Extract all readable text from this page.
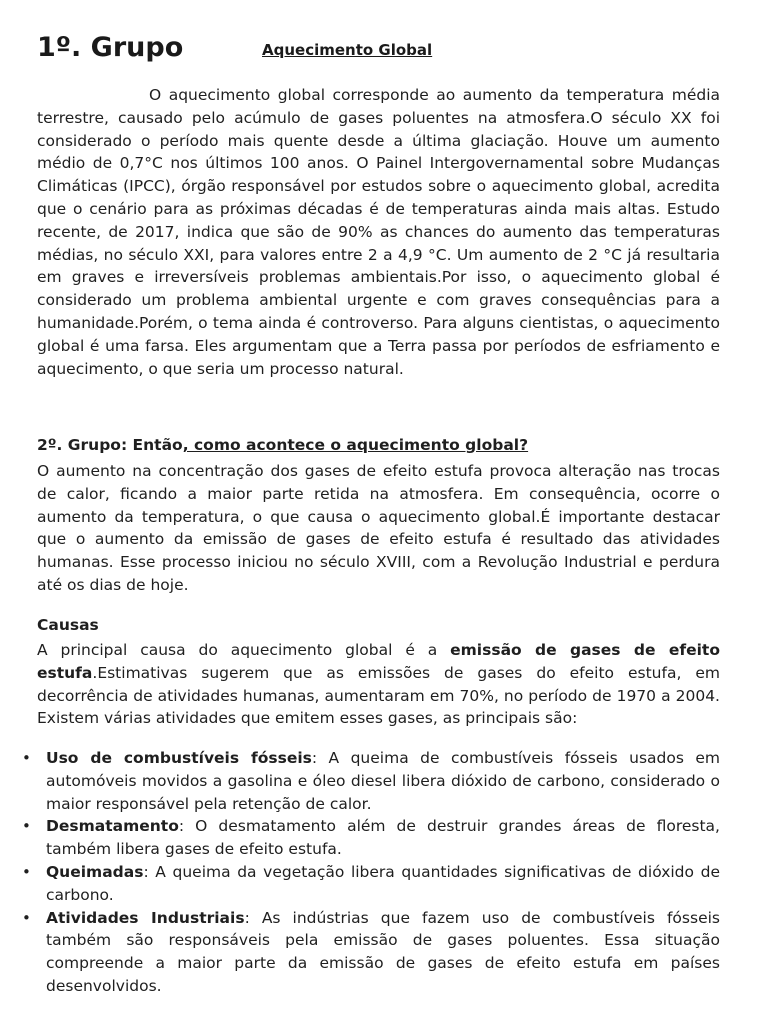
1º. Grupo	Aquecimento Global

O aquecimento global corresponde ao aumento da temperatura média terrestre, causado pelo acúmulo de gases poluentes na atmosfera.O século XX foi considerado o período mais quente desde a última glaciação. Houve um aumento médio de 0,7°C nos últimos 100 anos. O Painel Intergovernamental sobre Mudanças Climáticas (IPCC), órgão responsável por estudos sobre o aquecimento global, acredita que o cenário para as próximas décadas é de temperaturas ainda mais altas. Estudo recente, de 2017, indica que são de 90% as chances do aumento das temperaturas médias, no século XXI, para valores entre 2 a 4,9 °C. Um aumento de 2 °C já resultaria em graves e irreversíveis problemas ambientais.Por isso, o aquecimento global é considerado um problema ambiental urgente e com graves consequências para a humanidade.Porém, o tema ainda é controverso. Para alguns cientistas, o aquecimento global é uma farsa. Eles argumentam que a Terra passa por períodos de esfriamento e aquecimento, o que seria um processo natural.

2º. Grupo: Então, como acontece o aquecimento global?

O aumento na concentração dos gases de efeito estufa provoca alteração nas trocas de calor, ficando a maior parte retida na atmosfera. Em consequência, ocorre o aumento da temperatura, o que causa o aquecimento global.É importante destacar que o aumento da emissão de gases de efeito estufa é resultado das atividades humanas. Esse processo iniciou no século XVIII, com a Revolução Industrial e perdura até os dias de hoje.

Causas

A principal causa do aquecimento global é a emissão de gases de efeito estufa.Estimativas sugerem que as emissões de gases do efeito estufa, em decorrência de atividades humanas, aumentaram em 70%, no período de 1970 a 2004. Existem várias atividades que emitem esses gases, as principais são:

• Uso de combustíveis fósseis: A queima de combustíveis fósseis usados em automóveis movidos a gasolina e óleo diesel libera dióxido de carbono, considerado o maior responsável pela retenção de calor.
• Desmatamento: O desmatamento além de destruir grandes áreas de floresta, também libera gases de efeito estufa.
• Queimadas: A queima da vegetação libera quantidades significativas de dióxido de carbono.
• Atividades Industriais: As indústrias que fazem uso de combustíveis fósseis também são responsáveis pela emissão de gases poluentes. Essa situação compreende a maior parte da emissão de gases de efeito estufa em países desenvolvidos.
